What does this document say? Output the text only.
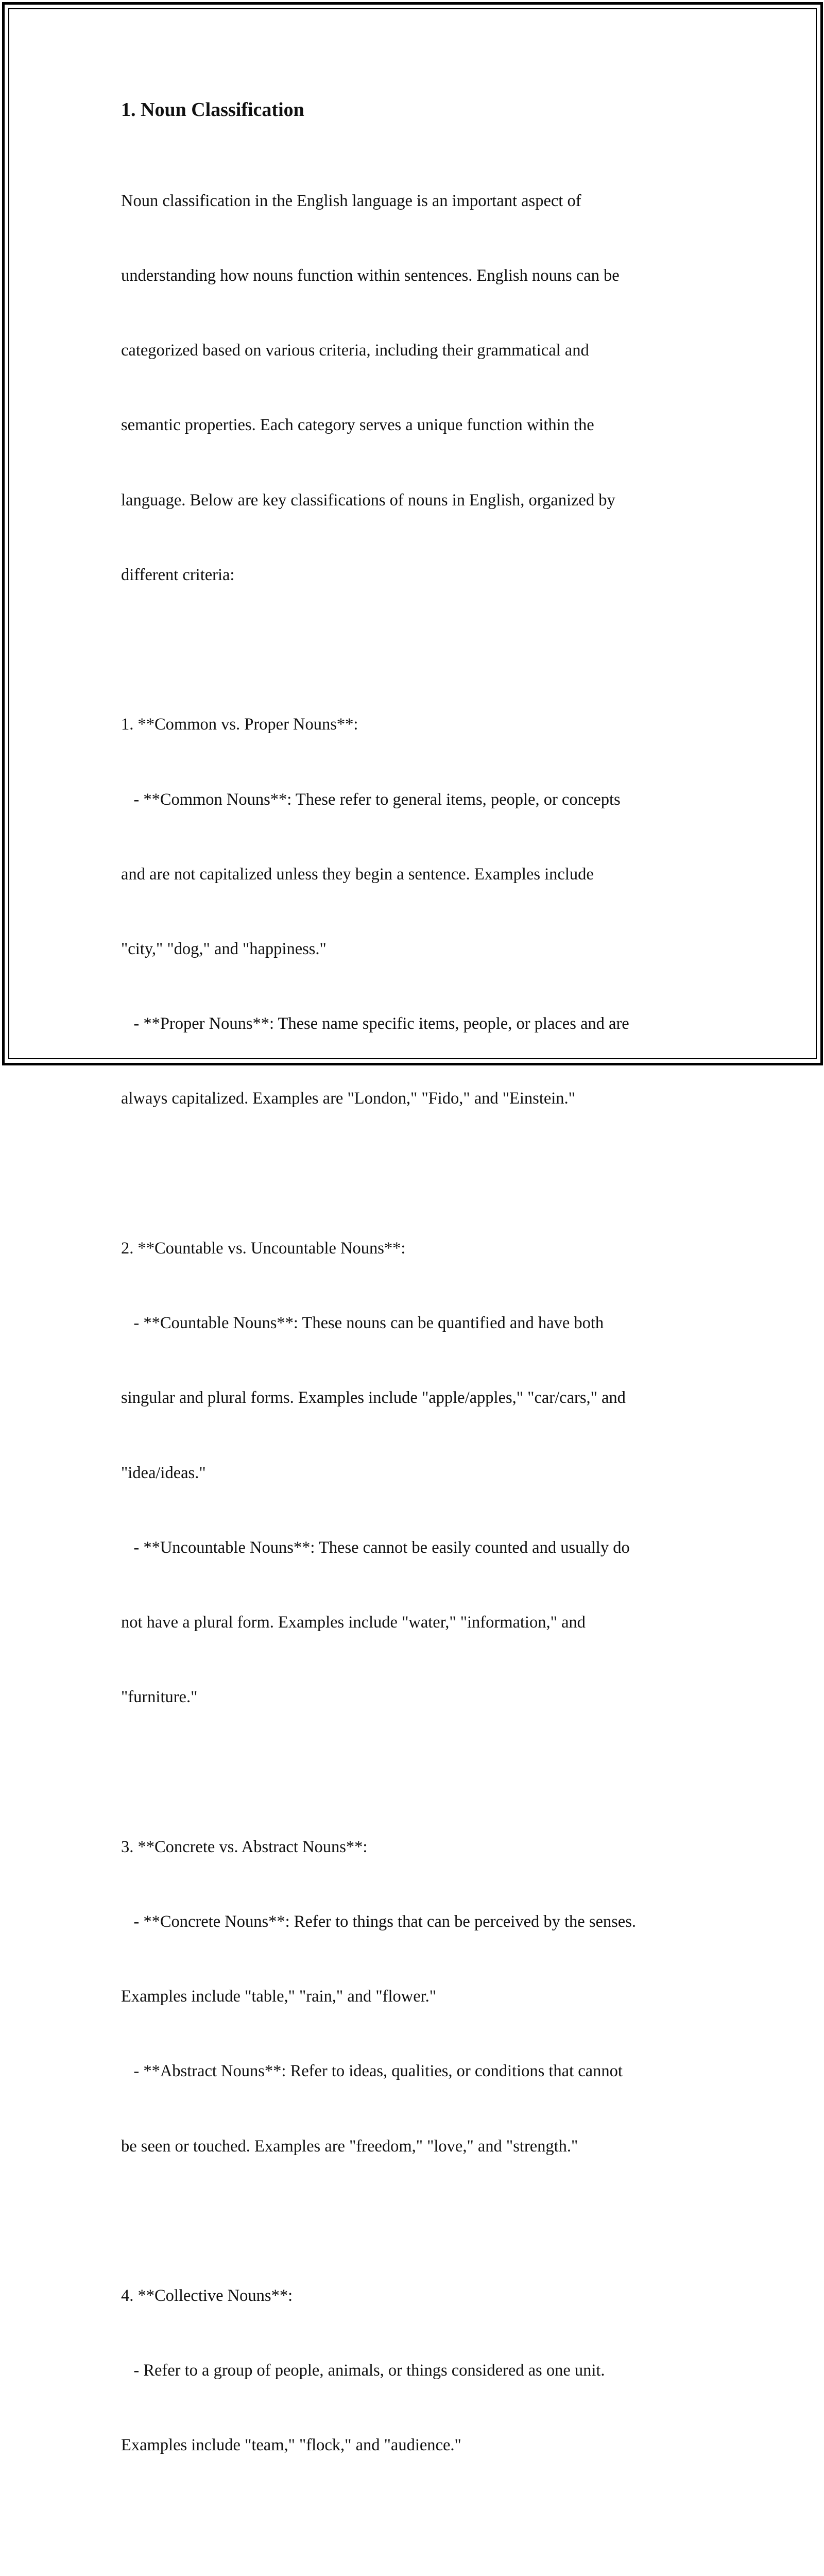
1. Noun Classification

Noun classification in the English language is an important aspect of

understanding how nouns function within sentences. English nouns can be

categorized based on various criteria, including their grammatical and

semantic properties. Each category serves a unique function within the

language. Below are key classifications of nouns in English, organized by

different criteria:

1. **Common vs. Proper Nouns**:

- **Common Nouns**: These refer to general items, people, or concepts

and are not capitalized unless they begin a sentence. Examples include

"city," "dog," and "happiness."

- **Proper Nouns**: These name specific items, people, or places and are

always capitalized. Examples are "London," "Fido," and "Einstein."

2. **Countable vs. Uncountable Nouns**:

- **Countable Nouns**: These nouns can be quantified and have both

singular and plural forms. Examples include "apple/apples," "car/cars," and

"idea/ideas."

- **Uncountable Nouns**: These cannot be easily counted and usually do

not have a plural form. Examples include "water," "information," and

"furniture."

3. **Concrete vs. Abstract Nouns**:

- **Concrete Nouns**: Refer to things that can be perceived by the senses.

Examples include "table," "rain," and "flower."

- **Abstract Nouns**: Refer to ideas, qualities, or conditions that cannot

be seen or touched. Examples are "freedom," "love," and "strength."

4. **Collective Nouns**:

- Refer to a group of people, animals, or things considered as one unit.

Examples include "team," "flock," and "audience."
